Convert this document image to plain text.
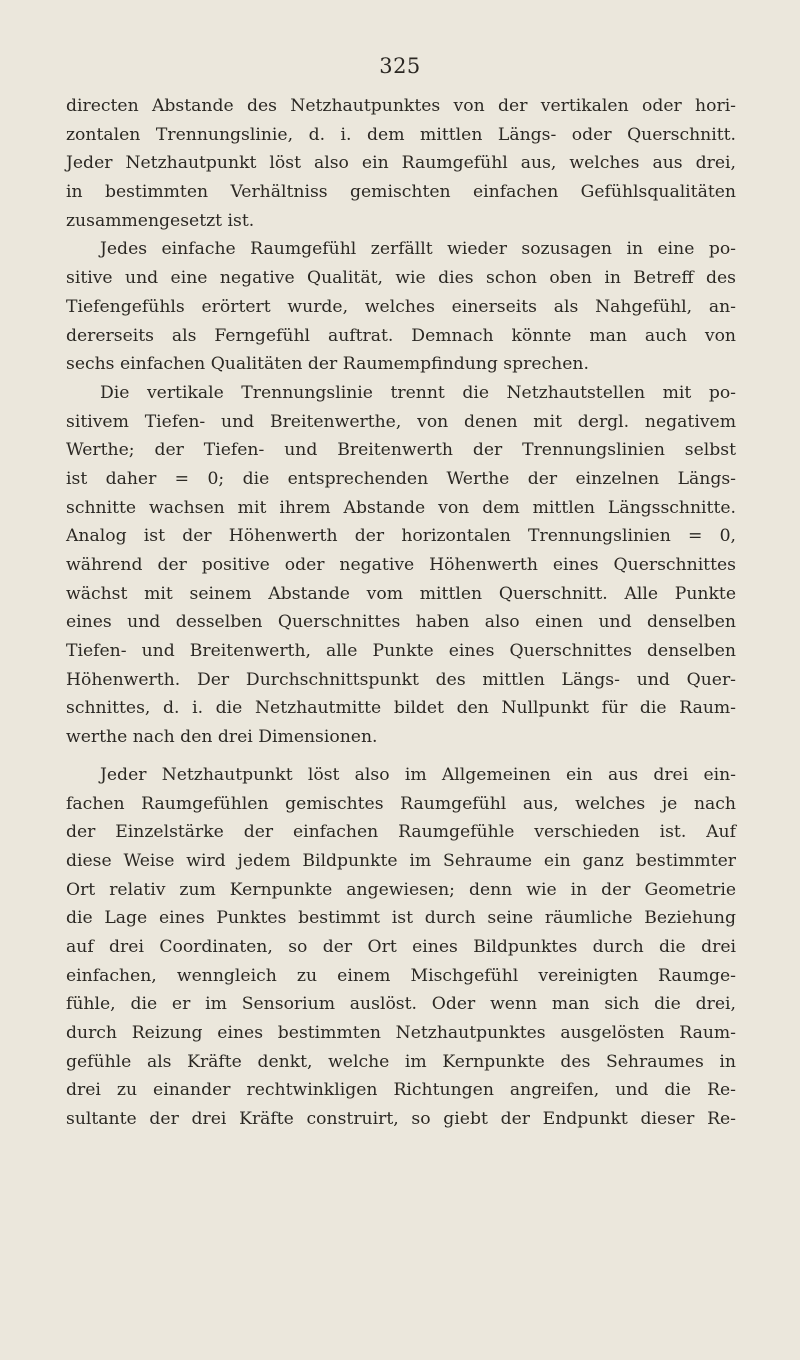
325
directen Abstande des Netzhautpunktes von der vertikalen oder hori-
zontalen Trennungslinie, d. i. dem mittlen Längs- oder Querschnitt.
Jeder Netzhautpunkt löst also ein Raumgefühl aus, welches aus drei,
in bestimmten Verhältniss gemischten einfachen Gefühlsqualitäten
zusammengesetzt ist.
Jedes einfache Raumgefühl zerfällt wieder sozusagen in eine po-
sitive und eine negative Qualität, wie dies schon oben in Betreff des
Tiefengefühls erörtert wurde, welches einerseits als Nahgefühl, an-
dererseits als Ferngefühl auftrat. Demnach könnte man auch von
sechs einfachen Qualitäten der Raumempfindung sprechen.
Die vertikale Trennungslinie trennt die Netzhautstellen mit po-
sitivem Tiefen- und Breitenwerthe, von denen mit dergl. negativem
Werthe; der Tiefen- und Breitenwerth der Trennungslinien selbst
ist daher = 0; die entsprechenden Werthe der einzelnen Längs-
schnitte wachsen mit ihrem Abstande von dem mittlen Längsschnitte.
Analog ist der Höhenwerth der horizontalen Trennungslinien = 0,
während der positive oder negative Höhenwerth eines Querschnittes
wächst mit seinem Abstande vom mittlen Querschnitt. Alle Punkte
eines und desselben Querschnittes haben also einen und denselben
Tiefen- und Breitenwerth, alle Punkte eines Querschnittes denselben
Höhenwerth. Der Durchschnittspunkt des mittlen Längs- und Quer-
schnittes, d. i. die Netzhautmitte bildet den Nullpunkt für die Raum-
werthe nach den drei Dimensionen.
Jeder Netzhautpunkt löst also im Allgemeinen ein aus drei ein-
fachen Raumgefühlen gemischtes Raumgefühl aus, welches je nach
der Einzelstärke der einfachen Raumgefühle verschieden ist. Auf
diese Weise wird jedem Bildpunkte im Sehraume ein ganz bestimmter
Ort relativ zum Kernpunkte angewiesen; denn wie in der Geometrie
die Lage eines Punktes bestimmt ist durch seine räumliche Beziehung
auf drei Coordinaten, so der Ort eines Bildpunktes durch die drei
einfachen, wenngleich zu einem Mischgefühl vereinigten Raumge-
fühle, die er im Sensorium auslöst. Oder wenn man sich die drei,
durch Reizung eines bestimmten Netzhautpunktes ausgelösten Raum-
gefühle als Kräfte denkt, welche im Kernpunkte des Sehraumes in
drei zu einander rechtwinkligen Richtungen angreifen, und die Re-
sultante der drei Kräfte construirt, so giebt der Endpunkt dieser Re-
